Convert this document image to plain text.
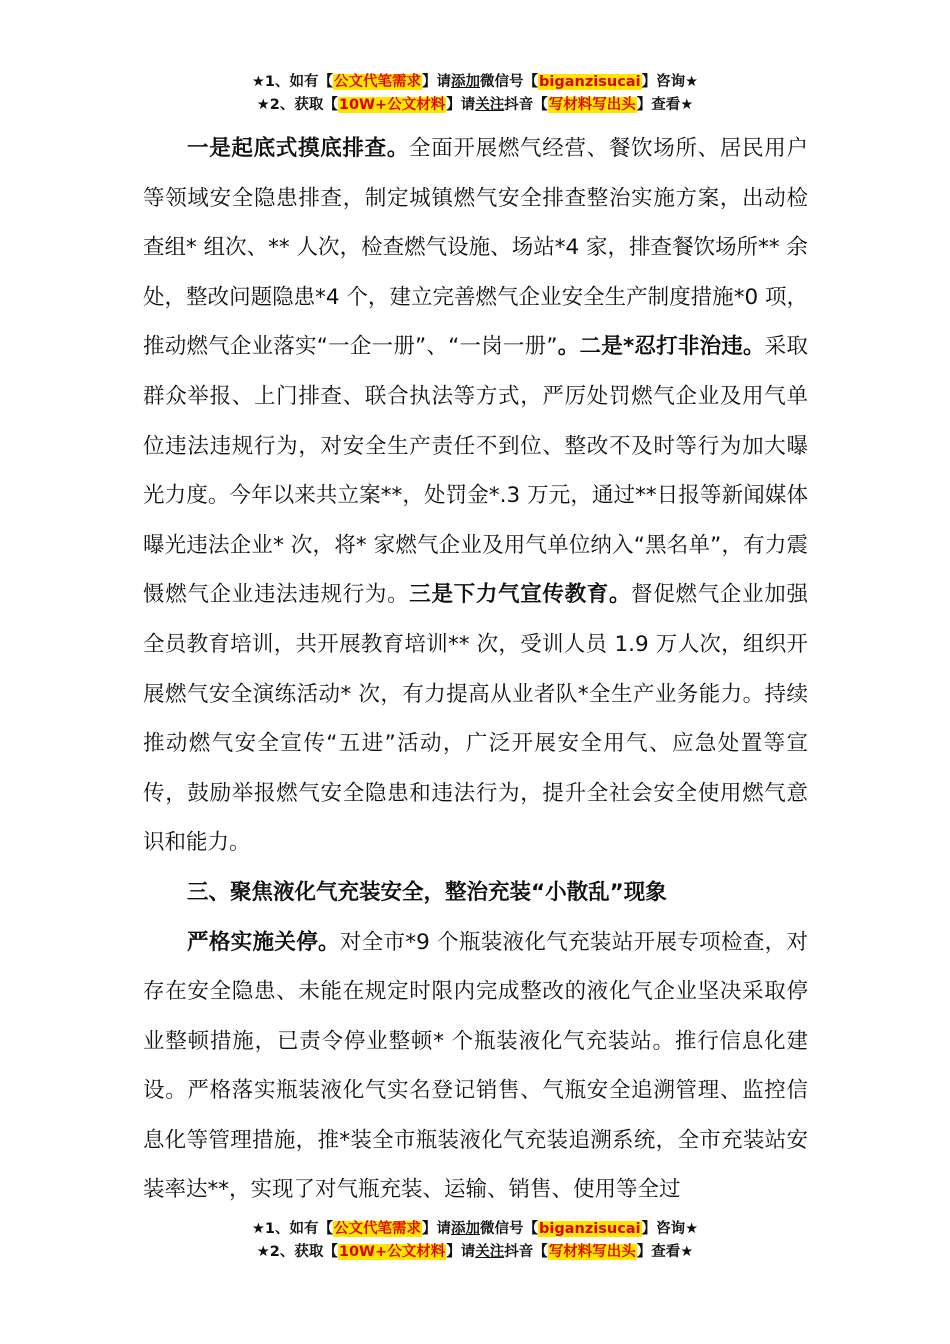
★1、如有【公文代笔需求】请添加微信号【biganzisucai】咨询★
★2、获取【10W+公文材料】请关注抖音【写材料写出头】查看★

一是起底式摸底排查。全面开展燃气经营、餐饮场所、居民用户等领域安全隐患排查，制定城镇燃气安全排查整治实施方案，出动检查组* 组次、** 人次，检查燃气设施、场站*4 家，排查餐饮场所** 余处，整改问题隐患*4 个，建立完善燃气企业安全生产制度措施*0 项，推动燃气企业落实“一企一册”、“一岗一册”。二是*忍打非治违。采取群众举报、上门排查、联合执法等方式，严厉处罚燃气企业及用气单位违法违规行为，对安全生产责任不到位、整改不及时等行为加大曝光力度。今年以来共立案**，处罚金*.3 万元，通过**日报等新闻媒体曝光违法企业* 次，将* 家燃气企业及用气单位纳入“黑名单”，有力震慑燃气企业违法违规行为。三是下力气宣传教育。督促燃气企业加强全员教育培训，共开展教育培训** 次，受训人员 1.9 万人次，组织开展燃气安全演练活动* 次，有力提高从业者队*全生产业务能力。持续推动燃气安全宣传“五进”活动，广泛开展安全用气、应急处置等宣传，鼓励举报燃气安全隐患和违法行为，提升全社会安全使用燃气意识和能力。

三、聚焦液化气充装安全，整治充装“小散乱”现象

严格实施关停。对全市*9 个瓶装液化气充装站开展专项检查，对存在安全隐患、未能在规定时限内完成整改的液化气企业坚决采取停业整顿措施，已责令停业整顿* 个瓶装液化气充装站。推行信息化建设。严格落实瓶装液化气实名登记销售、气瓶安全追溯管理、监控信息化等管理措施，推*装全市瓶装液化气充装追溯系统，全市充装站安装率达**，实现了对气瓶充装、运输、销售、使用等全过

★1、如有【公文代笔需求】请添加微信号【biganzisucai】咨询★
★2、获取【10W+公文材料】请关注抖音【写材料写出头】查看★
